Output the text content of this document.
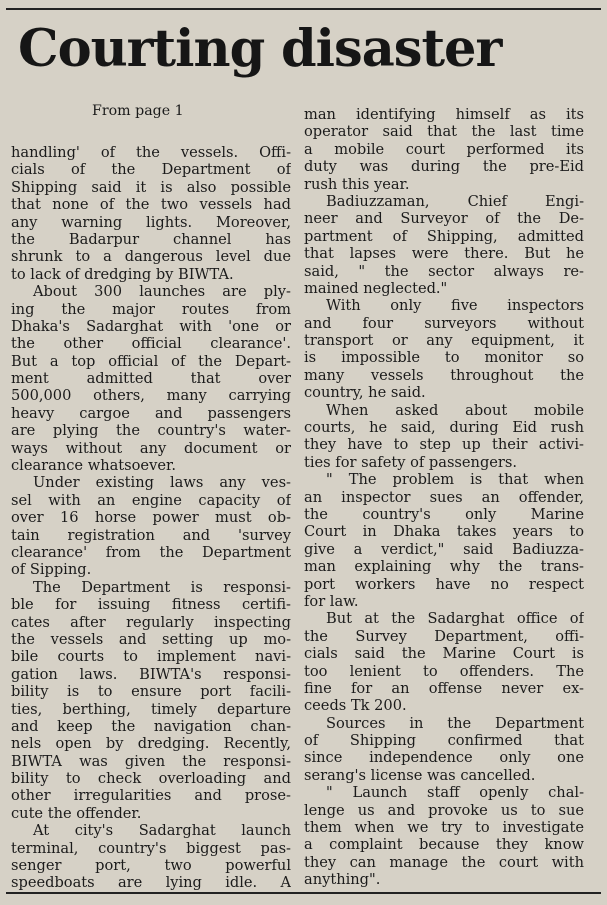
Courting disaster
From page 1
handling' of the vessels. Offi-
cials of the Department of
Shipping said it is also possible
that none of the two vessels had
any warning lights. Moreover,
the Badarpur channel has
shrunk to a dangerous level due
to lack of dredging by BIWTA.
About 300 launches are ply-
ing the major routes from
Dhaka's Sadarghat with 'one or
the other official clearance'.
But a top official of the Depart-
ment admitted that over
500,000 others, many carrying
heavy cargoe and passengers
are plying the country's water-
ways without any document or
clearance whatsoever.
Under existing laws any ves-
sel with an engine capacity of
over 16 horse power must ob-
tain registration and 'survey
clearance' from the Department
of Sipping.
The Department is responsi-
ble for issuing fitness certifi-
cates after regularly inspecting
the vessels and setting up mo-
bile courts to implement navi-
gation laws. BIWTA's responsi-
bility is to ensure port facili-
ties, berthing, timely departure
and keep the navigation chan-
nels open by dredging. Recently,
BIWTA was given the responsi-
bility to check overloading and
other irregularities and prose-
cute the offender.
At city's Sadarghat launch
terminal, country's biggest pas-
senger port, two powerful
speedboats are lying idle. A
man identifying himself as its
operator said that the last time
a mobile court performed its
duty was during the pre-Eid
rush this year.
Badiuzzaman, Chief Engi-
neer and Surveyor of the De-
partment of Shipping, admitted
that lapses were there. But he
said, " the sector always re-
mained neglected."
With only five inspectors
and four surveyors without
transport or any equipment, it
is impossible to monitor so
many vessels throughout the
country, he said.
When asked about mobile
courts, he said, during Eid rush
they have to step up their activi-
ties for safety of passengers.
" The problem is that when
an inspector sues an offender,
the country's only Marine
Court in Dhaka takes years to
give a verdict," said Badiuzza-
man explaining why the trans-
port workers have no respect
for law.
But at the Sadarghat office of
the Survey Department, offi-
cials said the Marine Court is
too lenient to offenders. The
fine for an offense never ex-
ceeds Tk 200.
Sources in the Department
of Shipping confirmed that
since independence only one
serang's license was cancelled.
" Launch staff openly chal-
lenge us and provoke us to sue
them when we try to investigate
a complaint because they know
they can manage the court with
anything".
